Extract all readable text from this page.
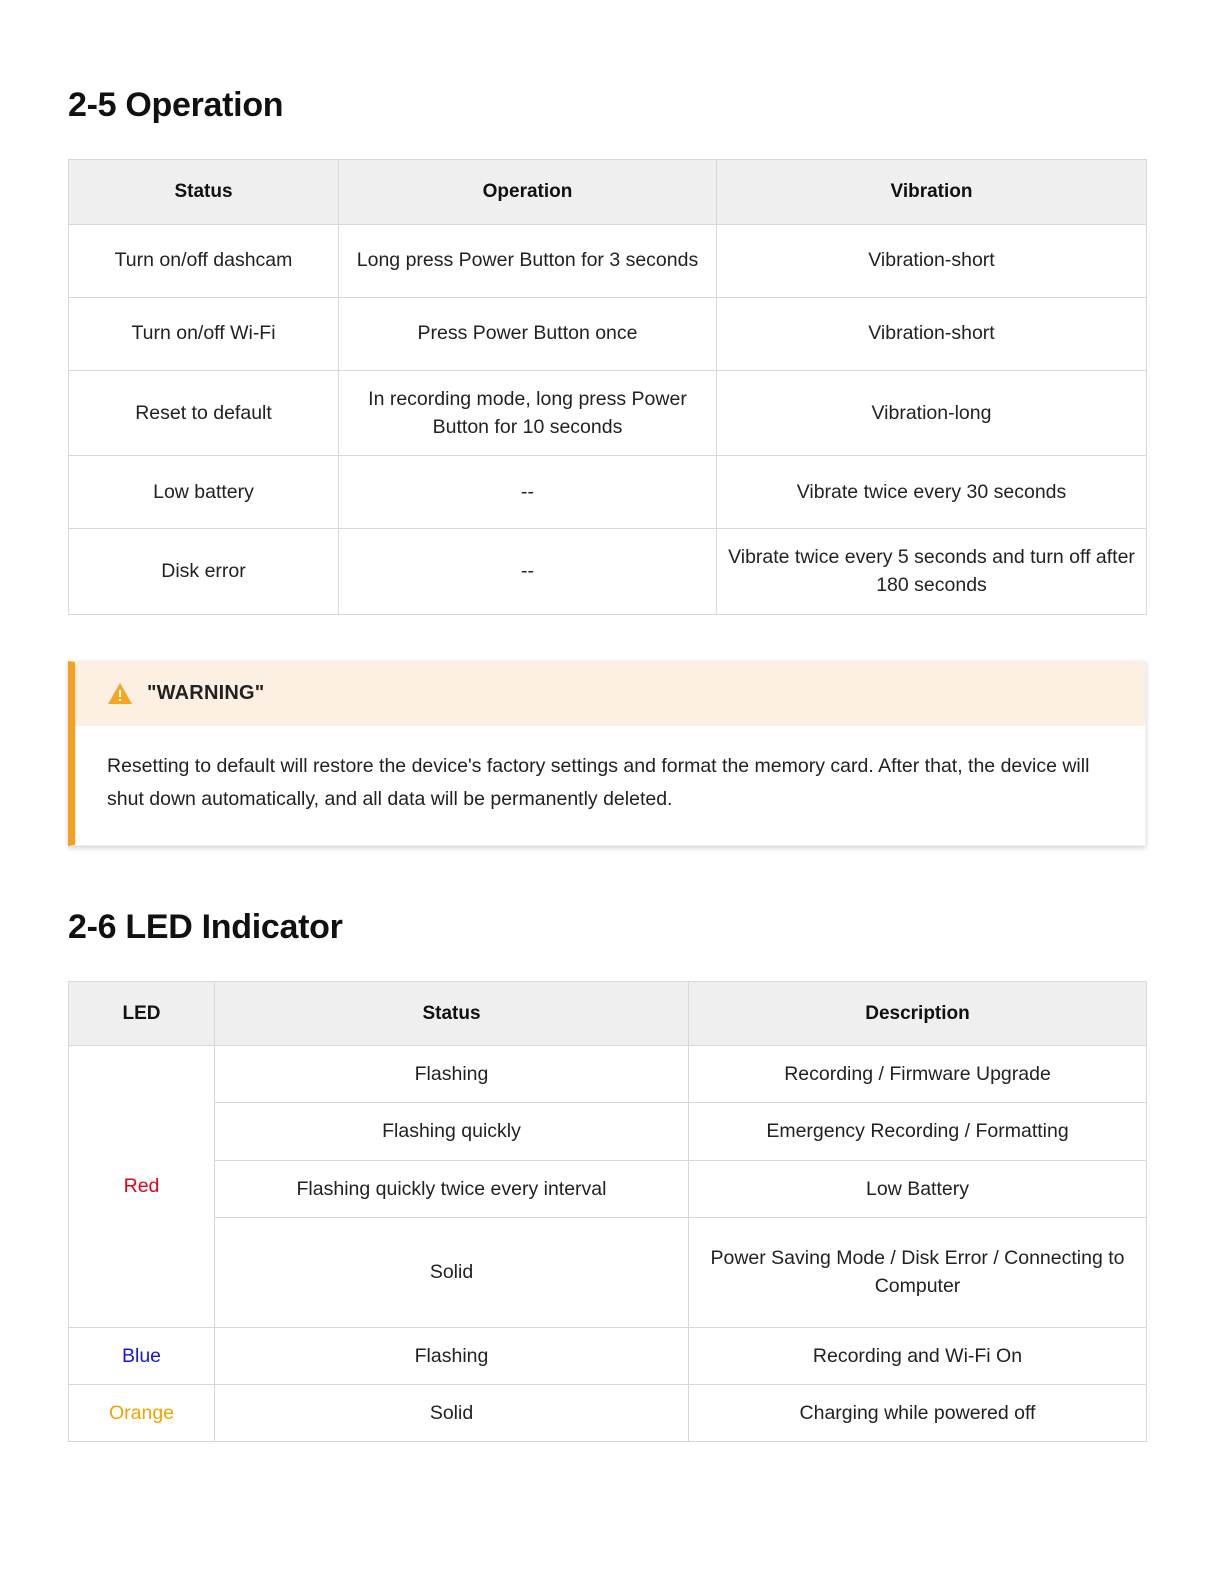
2-5 Operation
Status	Operation	Vibration
Turn on/off dashcam	Long press Power Button for 3 seconds	Vibration-short
Turn on/off Wi-Fi	Press Power Button once	Vibration-short
Reset to default	In recording mode, long press Power Button for 10 seconds	Vibration-long
Low battery	--	Vibrate twice every 30 seconds
Disk error	--	Vibrate twice every 5 seconds and turn off after 180 seconds
"WARNING"
Resetting to default will restore the device's factory settings and format the memory card. After that, the device will shut down automatically, and all data will be permanently deleted.
2-6 LED Indicator
LED	Status	Description
Red	Flashing	Recording / Firmware Upgrade
	Flashing quickly	Emergency Recording / Formatting
	Flashing quickly twice every interval	Low Battery
	Solid	Power Saving Mode / Disk Error / Connecting to Computer
Blue	Flashing	Recording and Wi-Fi On
Orange	Solid	Charging while powered off
